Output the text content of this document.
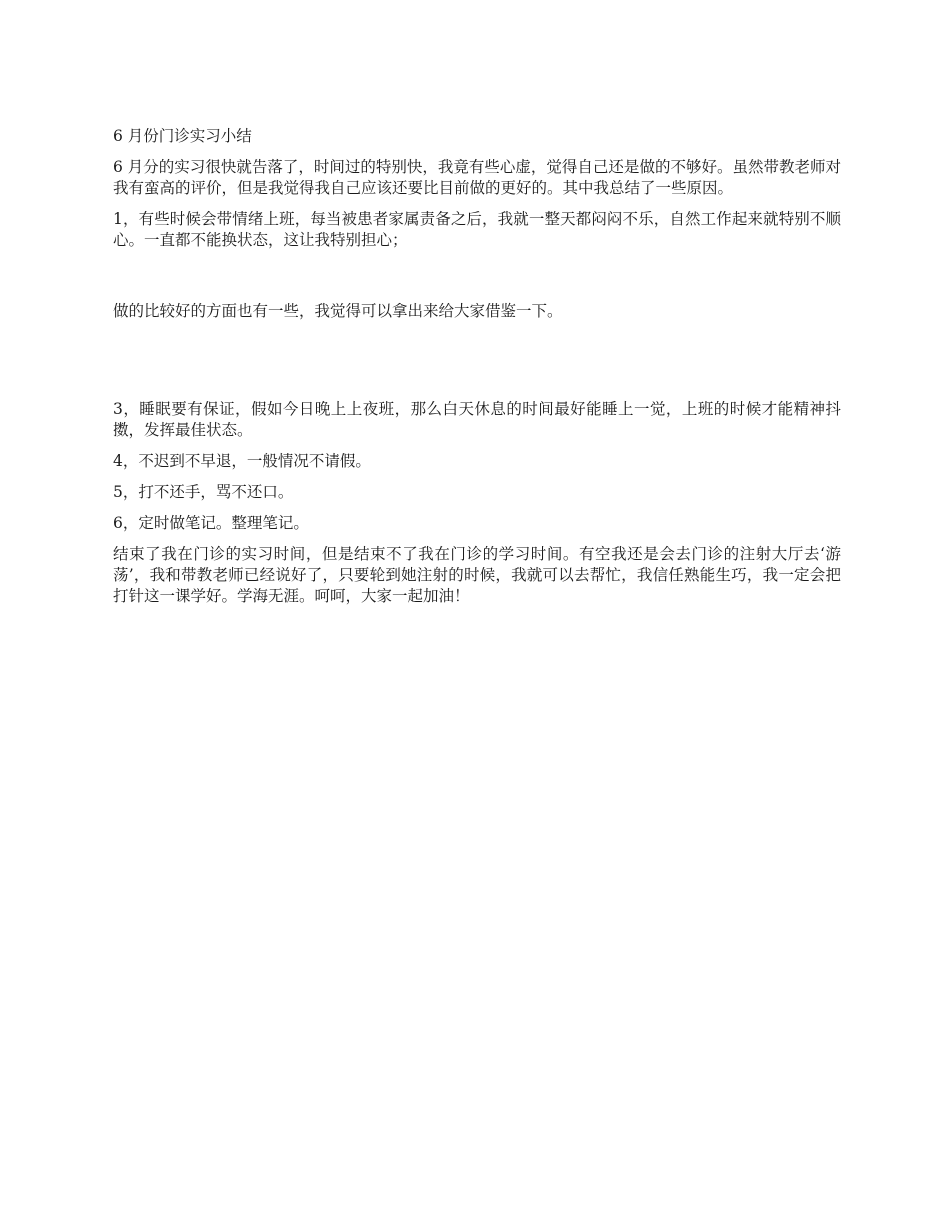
6 月份门诊实习小结

6 月分的实习很快就告落了，时间过的特别快，我竟有些心虚，觉得自己还是做的不够好。虽然带教老师对我有蛮高的评价，但是我觉得我自己应该还要比目前做的更好的。其中我总结了一些原因。

1，有些时候会带情绪上班，每当被患者家属责备之后，我就一整天都闷闷不乐，自然工作起来就特别不顺心。一直都不能换状态，这让我特别担心；

做的比较好的方面也有一些，我觉得可以拿出来给大家借鉴一下。

3，睡眠要有保证，假如今日晚上上夜班，那么白天休息的时间最好能睡上一觉，上班的时候才能精神抖擞，发挥最佳状态。

4，不迟到不早退，一般情况不请假。

5，打不还手，骂不还口。

6，定时做笔记。整理笔记。

结束了我在门诊的实习时间，但是结束不了我在门诊的学习时间。有空我还是会去门诊的注射大厅去‘游荡’，我和带教老师已经说好了，只要轮到她注射的时候，我就可以去帮忙，我信任熟能生巧，我一定会把打针这一课学好。学海无涯。呵呵，大家一起加油！
